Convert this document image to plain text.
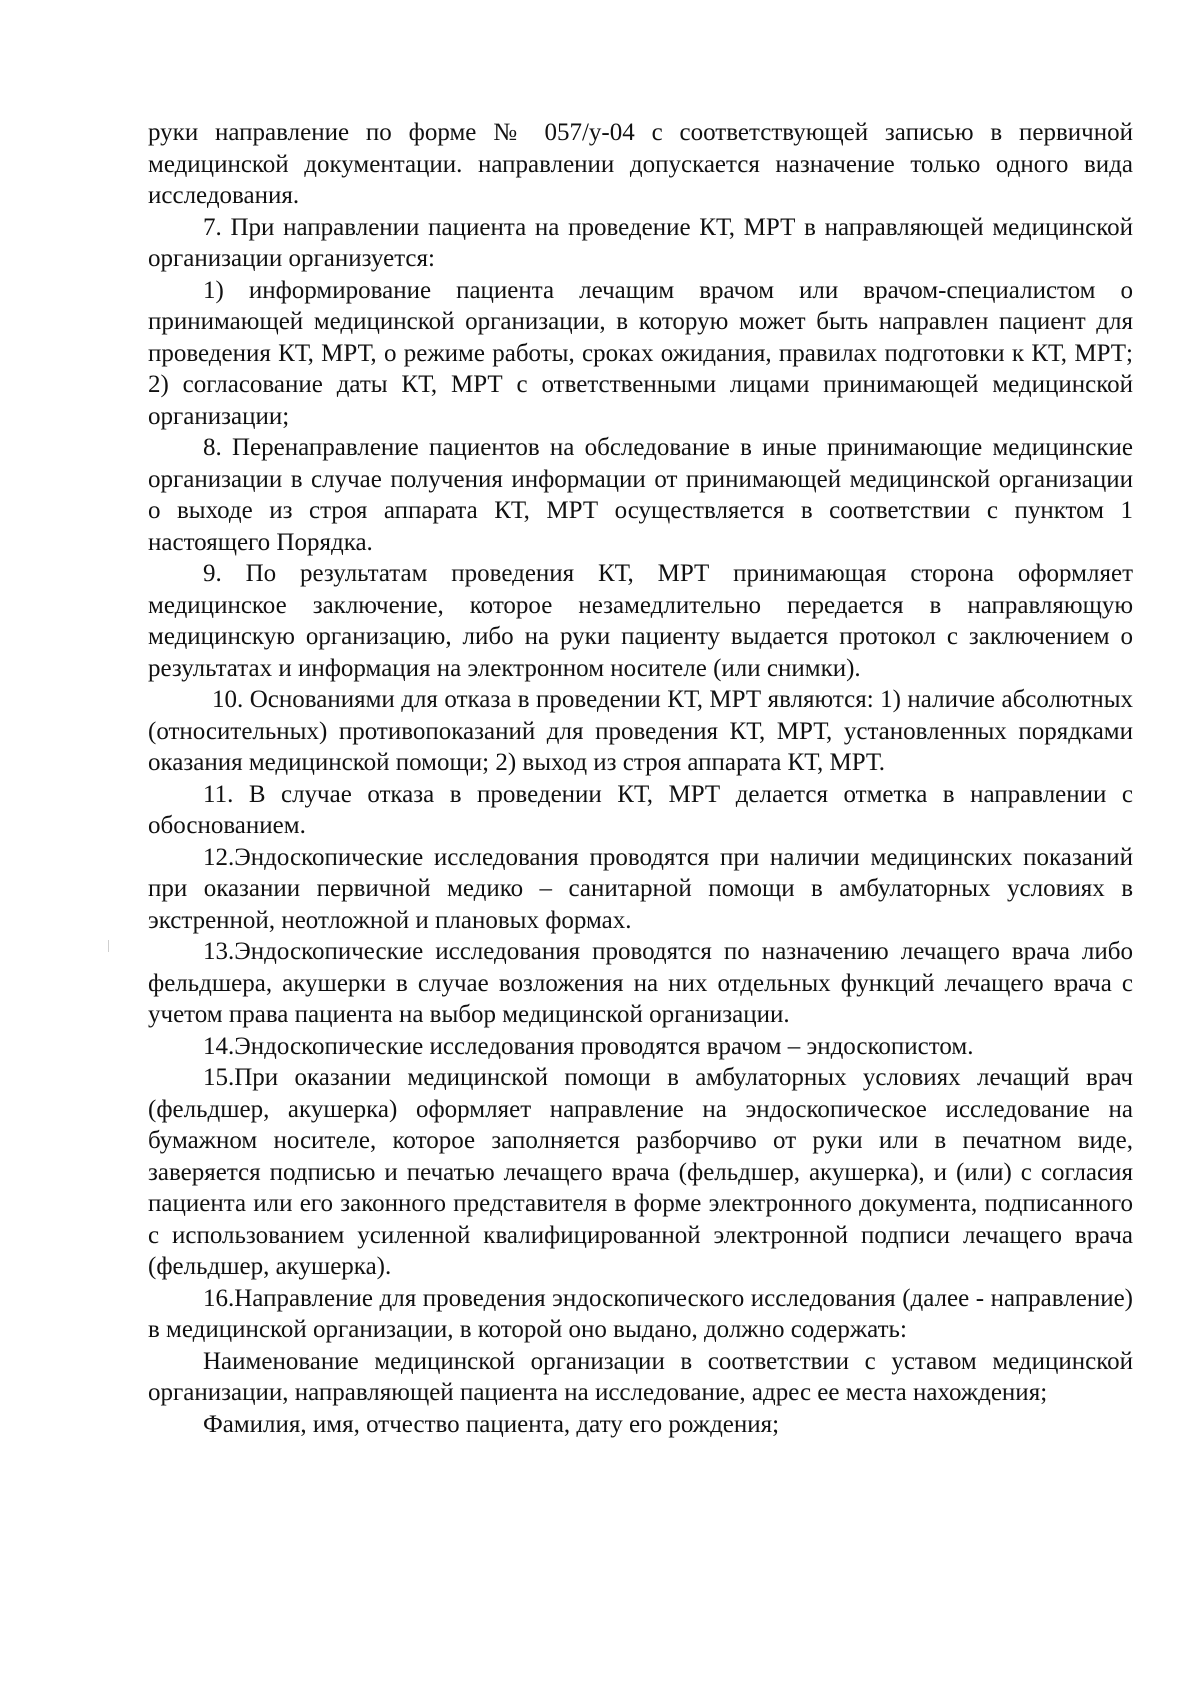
руки направление по форме № 057/у-04 с соответствующей записью в первичной медицинской документации. направлении допускается назначение только одного вида исследования.

7. При направлении пациента на проведение КТ, МРТ в направляющей медицинской организации организуется:

1) информирование пациента лечащим врачом или врачом-специалистом о принимающей медицинской организации, в которую может быть направлен пациент для проведения КТ, МРТ, о режиме работы, сроках ожидания, правилах подготовки к КТ, МРТ; 2) согласование даты КТ, МРТ с ответственными лицами принимающей медицинской организации;

8. Перенаправление пациентов на обследование в иные принимающие медицинские организации в случае получения информации от принимающей медицинской организации о выходе из строя аппарата КТ, МРТ осуществляется в соответствии с пунктом 1 настоящего Порядка.

9. По результатам проведения КТ, МРТ принимающая сторона оформляет медицинское заключение, которое незамедлительно передается в направляющую медицинскую организацию, либо на руки пациенту выдается протокол с заключением о результатах и информация на электронном носителе (или снимки).

10. Основаниями для отказа в проведении КТ, МРТ являются: 1) наличие абсолютных (относительных) противопоказаний для проведения КТ, МРТ, установленных порядками оказания медицинской помощи; 2) выход из строя аппарата КТ, МРТ.

11. В случае отказа в проведении КТ, МРТ делается отметка в направлении с обоснованием.

12.Эндоскопические исследования проводятся при наличии медицинских показаний при оказании первичной медико – санитарной помощи в амбулаторных условиях в экстренной, неотложной и плановых формах.

13.Эндоскопические исследования проводятся по назначению лечащего врача либо фельдшера, акушерки в случае возложения на них отдельных функций лечащего врача с учетом права пациента на выбор медицинской организации.

14.Эндоскопические исследования проводятся врачом – эндоскопистом.

15.При оказании медицинской помощи в амбулаторных условиях лечащий врач (фельдшер, акушерка) оформляет направление на эндоскопическое исследование на бумажном носителе, которое заполняется разборчиво от руки или в печатном виде, заверяется подписью и печатью лечащего врача (фельдшер, акушерка), и (или) с согласия пациента или его законного представителя в форме электронного документа, подписанного с использованием усиленной квалифицированной электронной подписи лечащего врача (фельдшер, акушерка).

16.Направление для проведения эндоскопического исследования (далее - направление) в медицинской организации, в которой оно выдано, должно содержать:

Наименование медицинской организации в соответствии с уставом медицинской организации, направляющей пациента на исследование, адрес ее места нахождения;

Фамилия, имя, отчество пациента, дату его рождения;
